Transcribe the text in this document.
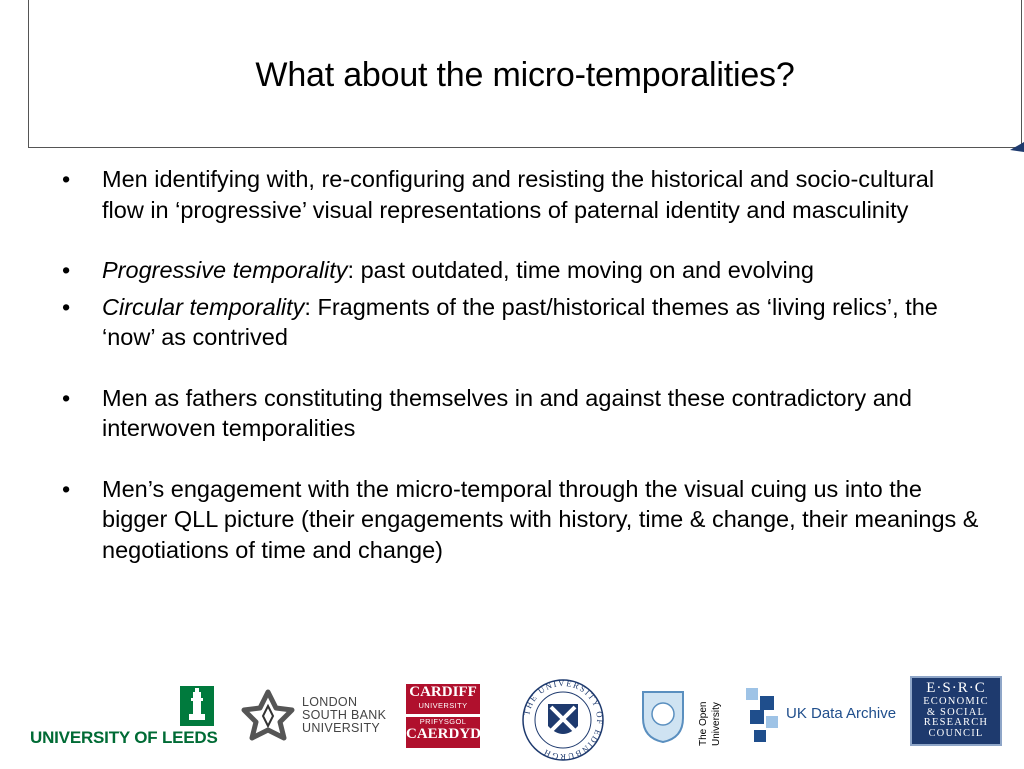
What about the micro-temporalities?
• Men identifying with, re-configuring and resisting the historical and socio-cultural flow in ‘progressive’ visual representations of paternal identity and masculinity
• Progressive temporality: past outdated, time moving on and evolving
• Circular temporality: Fragments of the past/historical themes as ‘living relics’, the ‘now’ as contrived
• Men as fathers constituting themselves in and against these contradictory and interwoven temporalities
• Men’s engagement with the micro-temporal through the visual cuing us into the bigger QLL picture (their engagements with history, time & change, their meanings & negotiations of time and change)
UNIVERSITY OF LEEDS
LONDON
SOUTH BANK
UNIVERSITY
CARDIFF
UNIVERSITY
PRIFYSGOL
CAERDYD
THE UNIVERSITY OF EDINBURGH
The Open University	UK Data Archive
E·S·R·C
ECONOMIC
& SOCIAL
RESEARCH
COUNCIL
